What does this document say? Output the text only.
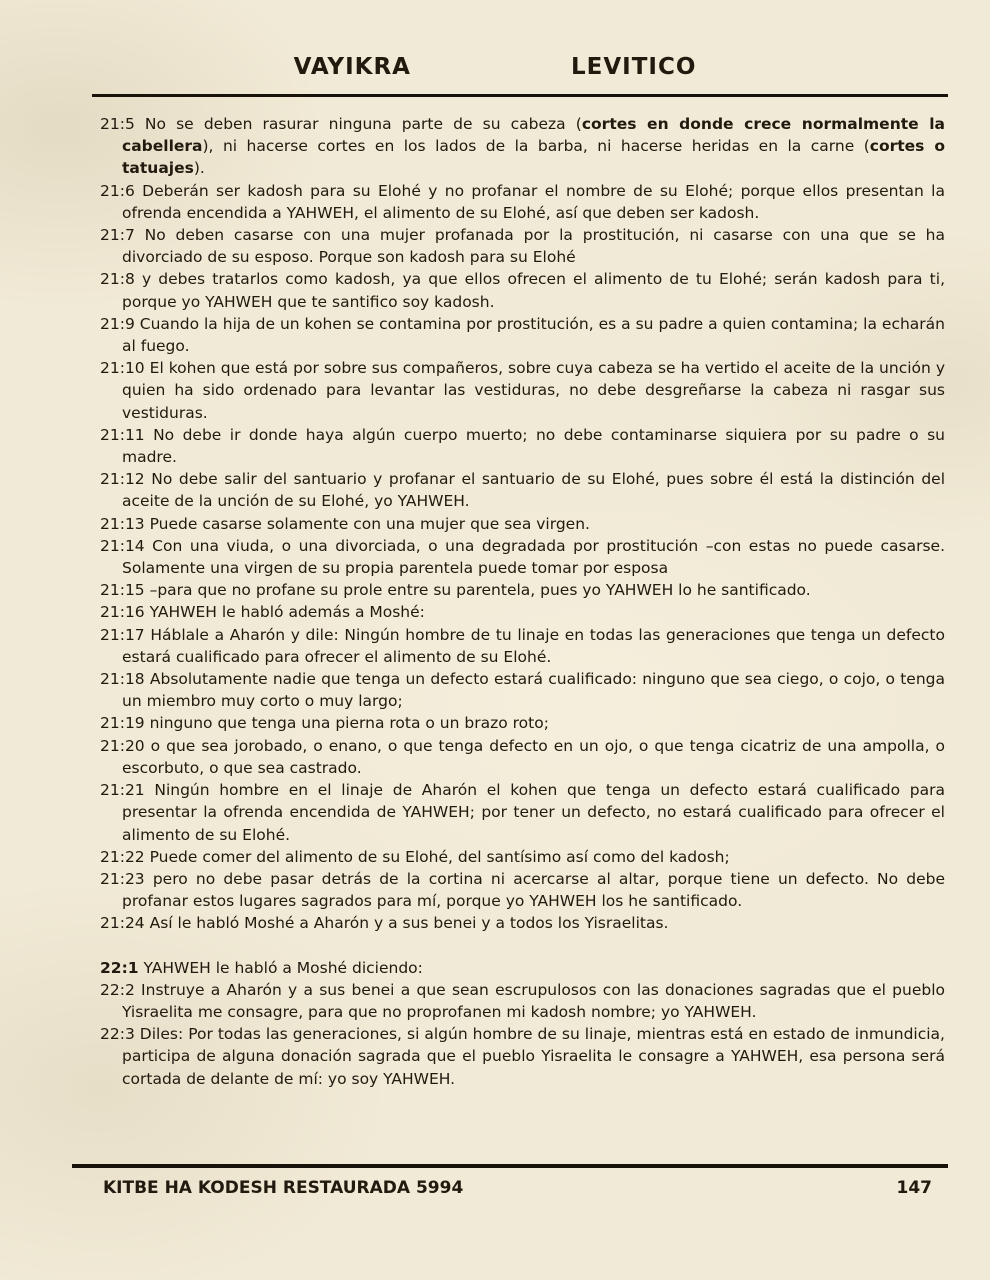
VAYIKRA	LEVITICO

21:5 No se deben rasurar ninguna parte de su cabeza (cortes en donde crece normalmente la cabellera), ni hacerse cortes en los lados de la barba, ni hacerse heridas en la carne (cortes o tatuajes).

21:6 Deberán ser kadosh para su Elohé y no profanar el nombre de su Elohé; porque ellos presentan la ofrenda encendida a YAHWEH, el alimento de su Elohé, así que deben ser kadosh.

21:7 No deben casarse con una mujer profanada por la prostitución, ni casarse con una que se ha divorciado de su esposo. Porque son kadosh para su Elohé

21:8 y debes tratarlos como kadosh, ya que ellos ofrecen el alimento de tu Elohé; serán kadosh para ti, porque yo YAHWEH que te santifico soy kadosh.

21:9 Cuando la hija de un kohen se contamina por prostitución, es a su padre a quien contamina; la echarán al fuego.

21:10 El kohen que está por sobre sus compañeros, sobre cuya cabeza se ha vertido el aceite de la unción y quien ha sido ordenado para levantar las vestiduras, no debe desgreñarse la cabeza ni rasgar sus vestiduras.

21:11 No debe ir donde haya algún cuerpo muerto; no debe contaminarse siquiera por su padre o su madre.

21:12 No debe salir del santuario y profanar el santuario de su Elohé, pues sobre él está la distinción del aceite de la unción de su Elohé, yo YAHWEH.

21:13 Puede casarse solamente con una mujer que sea virgen.

21:14 Con una viuda, o una divorciada, o una degradada por prostitución –con estas no puede casarse. Solamente una virgen de su propia parentela puede tomar por esposa

21:15 –para que no profane su prole entre su parentela, pues yo YAHWEH lo he santificado.

21:16 YAHWEH le habló además a Moshé:

21:17 Háblale a Aharón y dile: Ningún hombre de tu linaje en todas las generaciones que tenga un defecto estará cualificado para ofrecer el alimento de su Elohé.

21:18 Absolutamente nadie que tenga un defecto estará cualificado: ninguno que sea ciego, o cojo, o tenga un miembro muy corto o muy largo;

21:19 ninguno que tenga una pierna rota o un brazo roto;

21:20 o que sea jorobado, o enano, o que tenga defecto en un ojo, o que tenga cicatriz de una ampolla, o escorbuto, o que sea castrado.

21:21 Ningún hombre en el linaje de Aharón el kohen que tenga un defecto estará cualificado para presentar la ofrenda encendida de YAHWEH; por tener un defecto, no estará cualificado para ofrecer el alimento de su Elohé.

21:22 Puede comer del alimento de su Elohé, del santísimo así como del kadosh;

21:23 pero no debe pasar detrás de la cortina ni acercarse al altar, porque tiene un defecto. No debe profanar estos lugares sagrados para mí, porque yo YAHWEH los he santificado.

21:24 Así le habló Moshé a Aharón y a sus benei y a todos los Yisraelitas.

22:1 YAHWEH le habló a Moshé diciendo:

22:2 Instruye a Aharón y a sus benei a que sean escrupulosos con las donaciones sagradas que el pueblo Yisraelita me consagre, para que no proprofanen mi kadosh nombre; yo YAHWEH.

22:3 Diles: Por todas las generaciones, si algún hombre de su linaje, mientras está en estado de inmundicia, participa de alguna donación sagrada que el pueblo Yisraelita le consagre a YAHWEH, esa persona será cortada de delante de mí: yo soy YAHWEH.

KITBE HA KODESH RESTAURADA 5994	147
